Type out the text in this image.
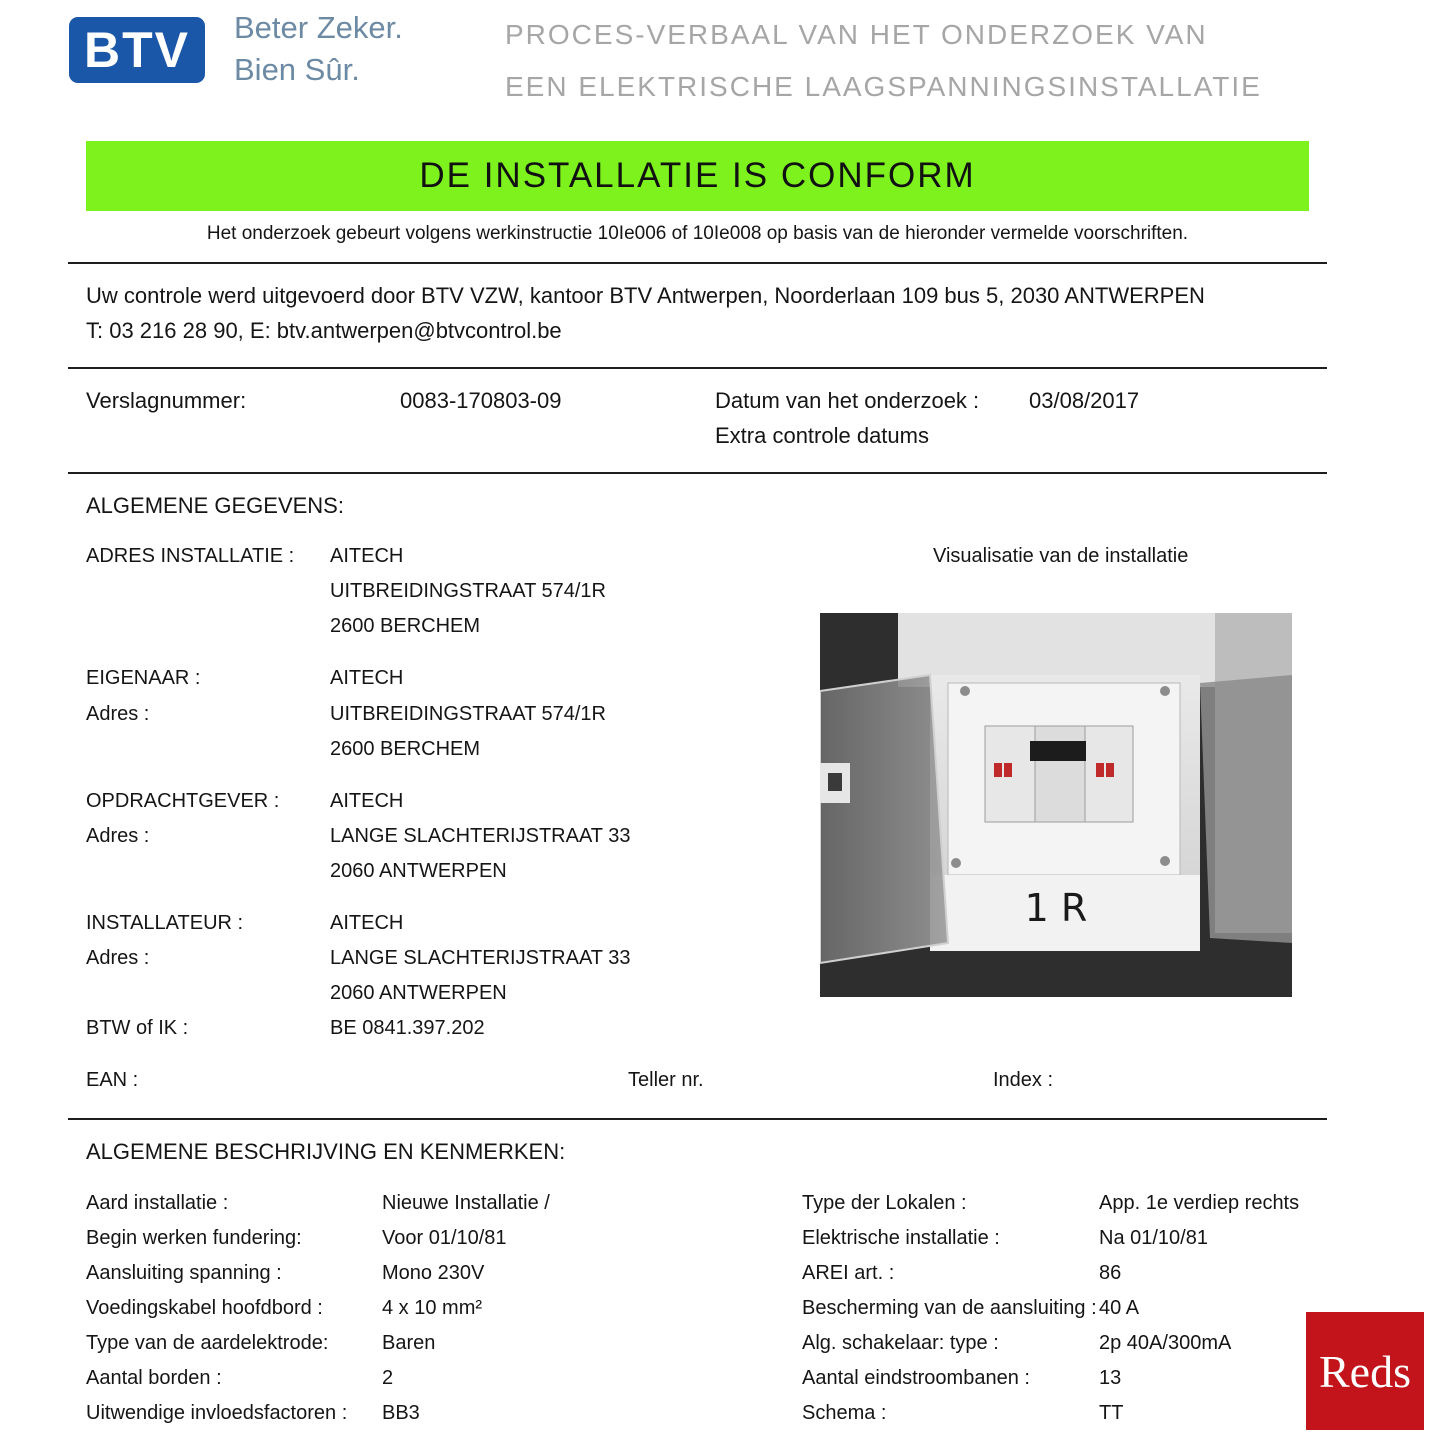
BTV Beter Zeker.
Bien Sûr.
PROCES-VERBAAL VAN HET ONDERZOEK VAN
EEN ELEKTRISCHE LAAGSPANNINGSINSTALLATIE
DE INSTALLATIE IS CONFORM
Het onderzoek gebeurt volgens werkinstructie 10Ie006 of 10Ie008 op basis van de hieronder vermelde voorschriften.
Uw controle werd uitgevoerd door BTV VZW, kantoor BTV Antwerpen, Noorderlaan 109 bus 5, 2030 ANTWERPEN
T: 03 216 28 90, E: btv.antwerpen@btvcontrol.be
Verslagnummer:	0083-170803-09	Datum van het onderzoek : 03/08/2017
Extra controle datums
ALGEMENE GEGEVENS:
ADRES INSTALLATIE : AITECH
UITBREIDINGSTRAAT 574/1R
2600 BERCHEM
EIGENAAR :	AITECH
Adres :	UITBREIDINGSTRAAT 574/1R
2600 BERCHEM
OPDRACHTGEVER :	AITECH
Adres :	LANGE SLACHTERIJSTRAAT 33
2060 ANTWERPEN
INSTALLATEUR :	AITECH
Adres :	LANGE SLACHTERIJSTRAAT 33
2060 ANTWERPEN
BTW of IK :	BE 0841.397.202
EAN :	Teller nr.	Index :
Visualisatie van de installatie
1 R
ALGEMENE BESCHRIJVING EN KENMERKEN:
Aard installatie :	Nieuwe Installatie /
Begin werken fundering:	Voor 01/10/81
Aansluiting spanning :	Mono 230V
Voedingskabel hoofdbord :	4 x 10 mm²
Type van de aardelektrode:	Baren
Aantal borden :	2
Uitwendige invloedsfactoren : BB3
Type der Lokalen :	App. 1e verdiep rechts
Elektrische installatie :	Na 01/10/81
AREI art. :	86
Bescherming van de aansluiting : 40 A
Alg. schakelaar: type :	2p 40A/300mA
Aantal eindstroombanen :	13
Schema :	TT
Reds
